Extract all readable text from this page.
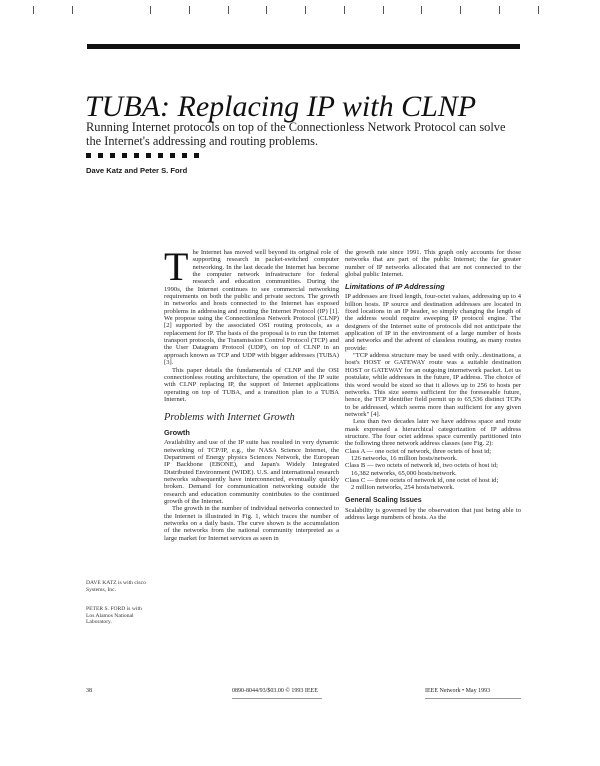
TUBA: Replacing IP with CLNP

Running Internet protocols on top of the Connectionless Network Protocol can solve the Internet's addressing and routing problems.

Dave Katz and Peter S. Ford

T he Internet has moved well beyond its original role of supporting research in packet-switched computer networking. In the last decade the Internet has become the computer network infrastructure for federal research and education communities. During the 1990s, the Internet continues to see commercial networking requirements on both the public and private sectors. The growth in networks and hosts connected to the Internet has exposed problems in addressing and routing the Internet Protocol (IP) [1]. We propose using the Connectionless Network Protocol (CLNP) [2] supported by the associated OSI routing protocols, as a replacement for IP. The basis of the proposal is to run the Internet transport protocols, the Transmission Control Protocol (TCP) and the User Datagram Protocol (UDP), on top of CLNP in an approach known as TCP and UDP with bigger addresses (TUBA) [3].

This paper details the fundamentals of CLNP and the OSI connectionless routing architecture, the operation of the IP suite with CLNP replacing IP, the support of Internet applications operating on top of TUBA, and a transition plan to a TUBA Internet.

Problems with Internet Growth
Growth

Availability and use of the IP suite has resulted in very dynamic networking of TCP/IP, e.g., the NASA Science Internet, the Department of Energy physics Sciences Network, the European IP Backbone (EBONE), and Japan's Widely Integrated Distributed Environment (WIDE). U.S. and international research networks subsequently have interconnected, eventually quickly broken. Demand for communication networking outside the research and education community contributes to the continued growth of the Internet.

The growth in the number of individual networks connected to the Internet is illustrated in Fig. 1, which traces the number of networks on a daily basis. The curve shown is the accumulation of the networks from the national community interpreted as a large market for Internet services as seen in

the growth rate since 1991. This graph only accounts for those networks that are part of the public Internet; the far greater number of IP networks allocated that are not connected to the global public Internet.

Limitations of IP Addressing

IP addresses are fixed length, four-octet values, addressing up to 4 billion hosts. IP source and destination addresses are located in fixed locations in an IP header, so simply changing the length of the address would require sweeping IP protocol engine. The designers of the Internet suite of protocols did not anticipate the application of IP in the environment of a large number of hosts and networks and the advent of classless routing, as many routes provide:

"TCP address structure may be used with only...destinations, a host's HOST or GATEWAY route was a suitable destination HOST or GATEWAY for an outgoing internetwork packet. Let us postulate, while addresses in the future, IP address. The choice of this word would be sized so that it allows up to 256 to hosts per networks. This size seems sufficient for the foreseeable future, hence, the TCP identifier field permit up to 65,536 distinct TCPs to be addressed, which seems more than sufficient for any given network" [4].

Less than two decades later we have address space and route mask expressed a hierarchical categorization of IP address structure. The four octet address space currently partitioned into the following three network address classes (see Fig. 2):

Class A — one octet of network, three octets of host id;

126 networks, 16 million hosts/network.

Class B — two octets of network id, two octets of host id;

16,382 networks, 65,000 hosts/network.

Class C — three octets of network id, one octet of host id;

2 million networks, 254 hosts/network.

General Scaling Issues

Scalability is governed by the observation that just being able to address large numbers of hosts. As the

DAVE KATZ is with cisco Systems, Inc.
PETER S. FORD is with Los Alamos National Laboratory.
38	0890-8044/93/$03.00 © 1993 IEEE	IEEE Network • May 1993
